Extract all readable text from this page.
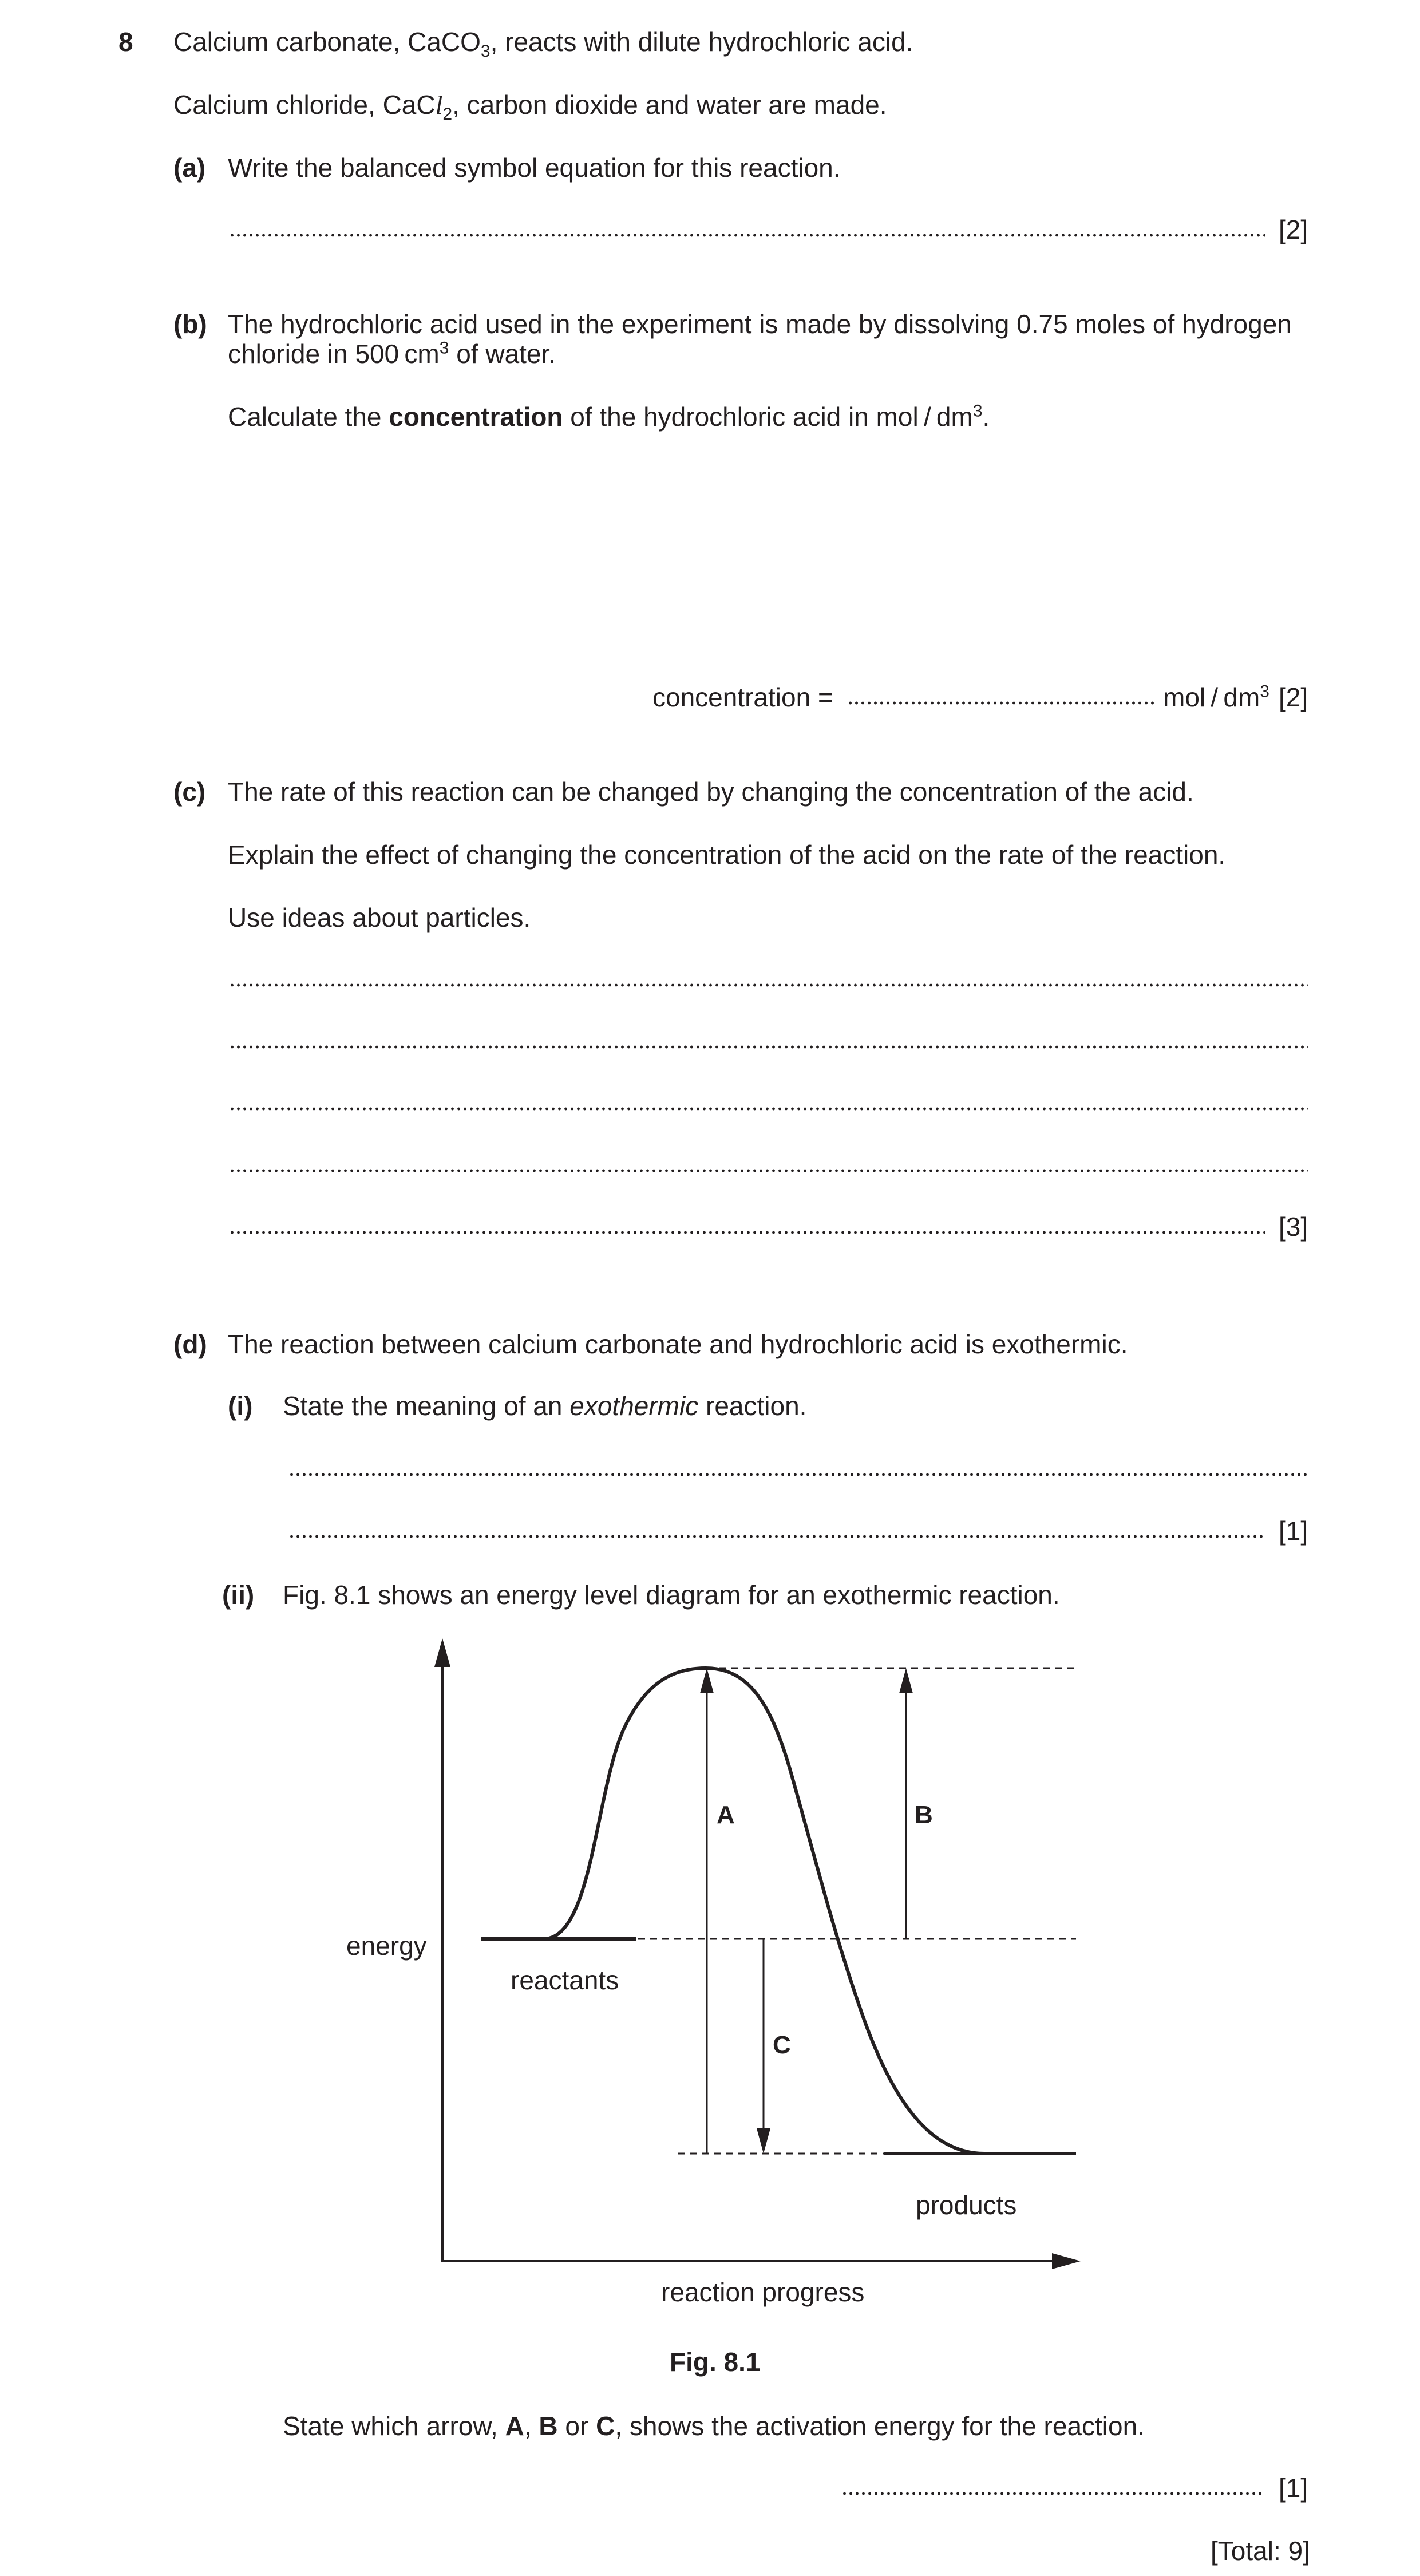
8 Calcium carbonate, CaCO$_3$, reacts with dilute hydrochloric acid.
Calcium chloride, CaCl$_2$, carbon dioxide and water are made.
(a) Write the balanced symbol equation for this reaction.
[2]
(b) The hydrochloric acid used in the experiment is made by dissolving 0.75 moles of hydrogen
chloride in 500 $cm^3$ of water.
Calculate the concentration of the hydrochloric acid in mol / $dm^3$.
concentration =	mol / $dm^3$ [2]
(c) The rate of this reaction can be changed by changing the concentration of the acid.
Explain the effect of changing the concentration of the acid on the rate of the reaction.
Use ideas about particles.
[3]
(d) The reaction between calcium carbonate and hydrochloric acid is exothermic.
(i) State the meaning of an exothermic reaction.
[1]
(ii) Fig. 8.1 shows an energy level diagram for an exothermic reaction.
A	B
C
energy
reactants
products
reaction progress
Fig. 8.1
State which arrow, A, B or C, shows the activation energy for the reaction.
[1]
[Total: 9]
